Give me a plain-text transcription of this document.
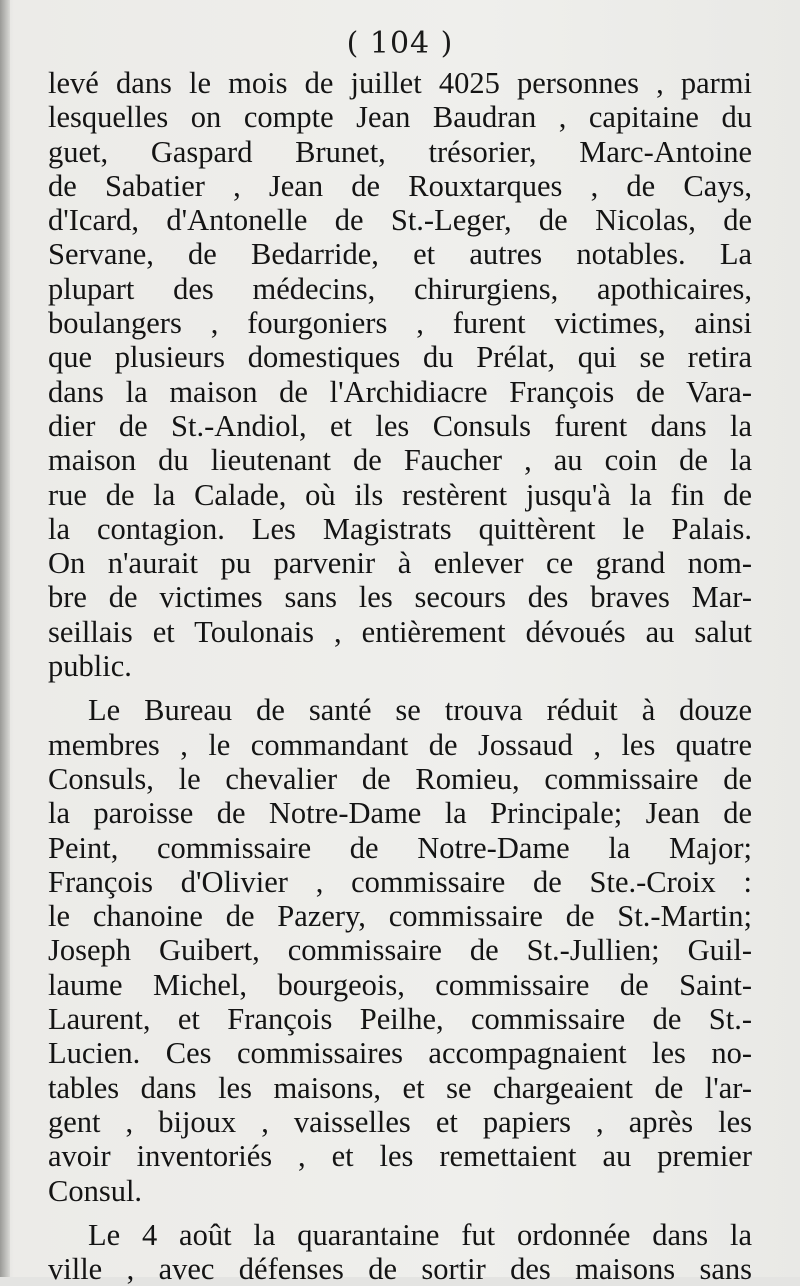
( 104 )
levé dans le mois de juillet 4025 personnes , parmi
lesquelles on compte Jean Baudran , capitaine du
guet, Gaspard Brunet, trésorier, Marc-Antoine
de Sabatier , Jean de Rouxtarques , de Cays,
d'Icard, d'Antonelle de St.-Leger, de Nicolas, de
Servane, de Bedarride, et autres notables. La
plupart des médecins, chirurgiens, apothicaires,
boulangers , fourgoniers , furent victimes, ainsi
que plusieurs domestiques du Prélat, qui se retira
dans la maison de l'Archidiacre François de Vara-
dier de St.-Andiol, et les Consuls furent dans la
maison du lieutenant de Faucher , au coin de la
rue de la Calade, où ils restèrent jusqu'à la fin de
la contagion. Les Magistrats quittèrent le Palais.
On n'aurait pu parvenir à enlever ce grand nom-
bre de victimes sans les secours des braves Mar-
seillais et Toulonais , entièrement dévoués au salut
public.
Le Bureau de santé se trouva réduit à douze
membres , le commandant de Jossaud , les quatre
Consuls, le chevalier de Romieu, commissaire de
la paroisse de Notre-Dame la Principale; Jean de
Peint, commissaire de Notre-Dame la Major;
François d'Olivier , commissaire de Ste.-Croix :
le chanoine de Pazery, commissaire de St.-Martin;
Joseph Guibert, commissaire de St.-Jullien; Guil-
laume Michel, bourgeois, commissaire de Saint-
Laurent, et François Peilhe, commissaire de St.-
Lucien. Ces commissaires accompagnaient les no-
tables dans les maisons, et se chargeaient de l'ar-
gent , bijoux , vaisselles et papiers , après les
avoir inventoriés , et les remettaient au premier
Consul.
Le 4 août la quarantaine fut ordonnée dans la
ville , avec défenses de sortir des maisons sans
